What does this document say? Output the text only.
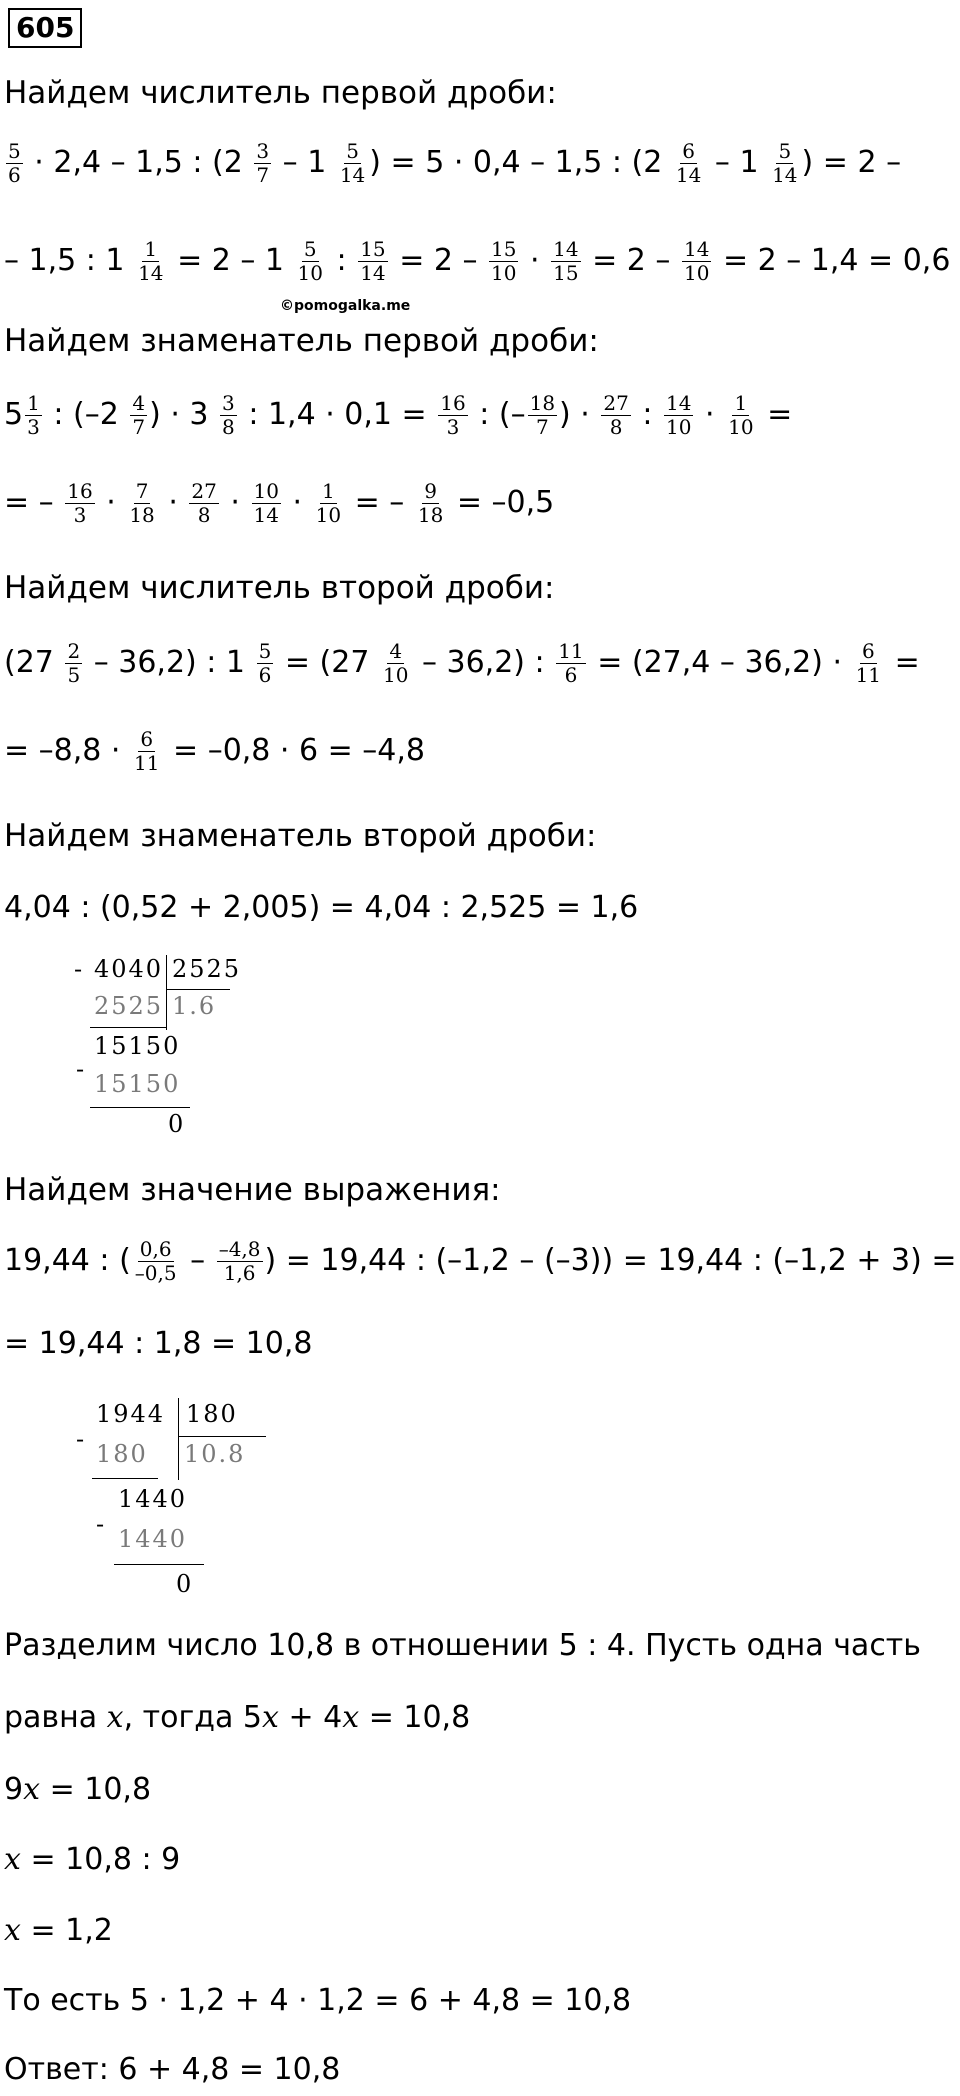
605
Найдем числитель первой дроби:
$\frac{5}{6} \cdot 2,4 - 1,5$ : ($2 \frac{3}{7} - 1 \frac{5}{14}$ ) = 5 · 0,4 – 1,5 : ($2 \frac{6}{14} - 1 \frac{5}{14}$ ) = 2 –
– 1,5 : $1 \frac{1}{14} = 2 - 1 \frac{5}{10}$ : $\frac{15}{14} = 2 - \frac{15}{10} \cdot \frac{14}{15} = 2 - \frac{14}{10} = 2 - 1,4 = 0,6$
©pomogalka.me
Найдем знаменатель первой дроби:
$5 \frac{1}{3}$ : ($-2 \frac{4}{7}$ ) · $3 \frac{3}{8}$ : $1,4 \cdot 0,1 = \frac{16}{3}$ : (– $\frac{18}{7}$ ) · $\frac{27}{8}$ : $\frac{14}{10} \cdot \frac{1}{10}$ =
= – $\frac{16}{3} \cdot \frac{7}{18} \cdot \frac{27}{8} \cdot \frac{10}{14} \cdot \frac{1}{10}$ = – $\frac{9}{18} = -0,5$
Найдем числитель второй дроби:
$(27 \frac{2}{5} - 36,2)$ : $1 \frac{5}{6} = (27 \frac{4}{10} - 36,2)$ : $\frac{11}{6} = (27,4 - 36,2) \cdot \frac{6}{11}$ =
= $-8,8 \cdot \frac{6}{11} = -0,8 \cdot 6 = -4,8$
Найдем знаменатель второй дроби:
4,04 : (0,52 + 2,005) = 4,04 : 2,525 = 1,6
- 4040 2525
2525 1.6
-
15150
15150
0
Найдем значение выражения:
19,44 : ( $\frac{0,6}{-0,5} - \frac{-4,8}{1,6}$ ) = 19,44 : (–1,2 – (–3)) = 19,44 : (–1,2 + 3) =
= 19,44 : 1,8 = 10,8
-
1944 180
180 10.8
-
1440
1440
0
Разделим число 10,8 в отношении 5 : 4. Пусть одна часть
равна x, тогда 5x + 4x = 10,8
9x = 10,8
x = 10,8 : 9
x = 1,2
То есть 5 · 1,2 + 4 · 1,2 = 6 + 4,8 = 10,8
Ответ: 6 + 4,8 = 10,8
